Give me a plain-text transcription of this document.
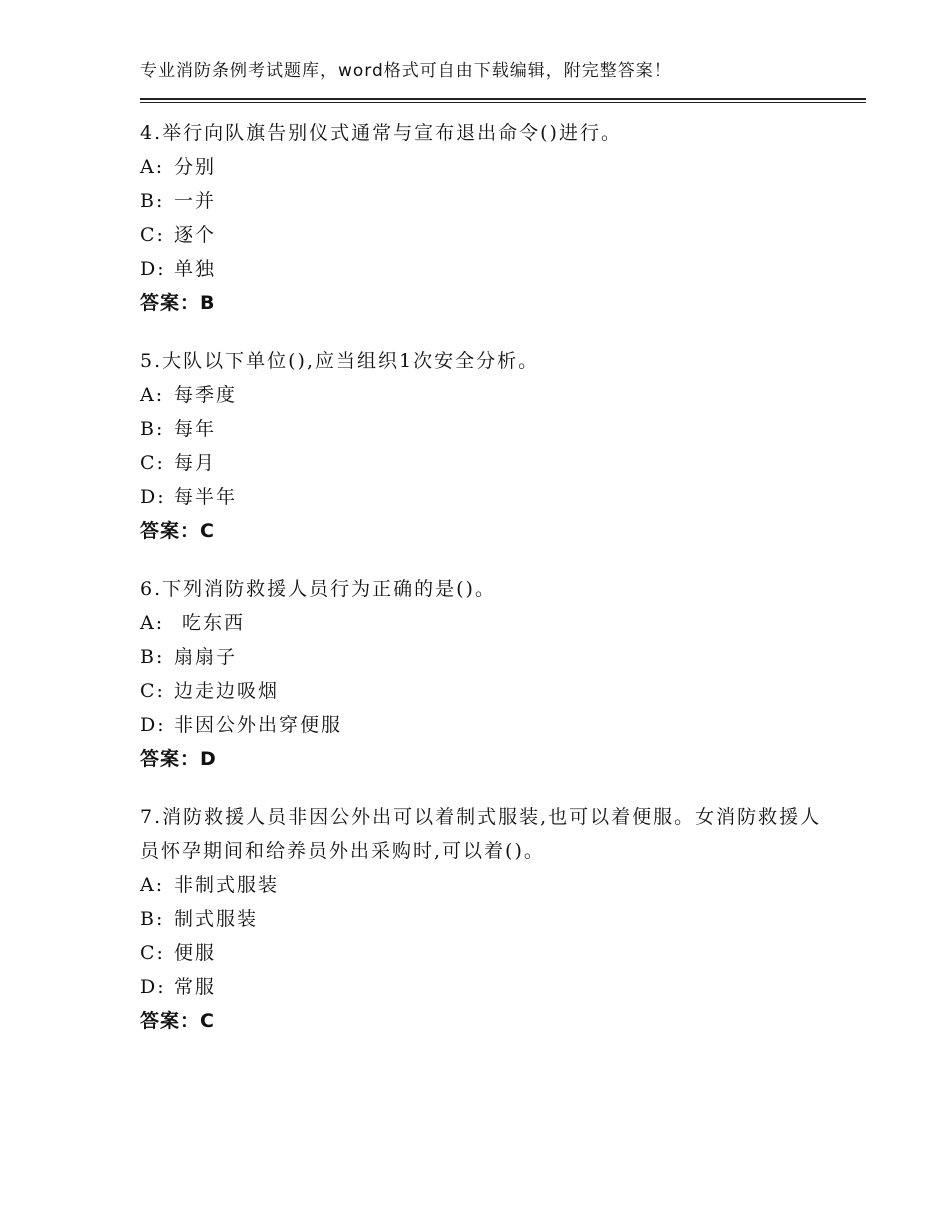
专业消防条例考试题库，word格式可自由下载编辑，附完整答案！
4.举行向队旗告别仪式通常与宣布退出命令()进行。
A: 分别
B: 一并
C: 逐个
D: 单独
答案：B
5.大队以下单位(),应当组织1次安全分析。
A: 每季度
B: 每年
C: 每月
D: 每半年
答案：C
6.下列消防救援人员行为正确的是()。
A: 吃东西
B: 扇扇子
C: 边走边吸烟
D: 非因公外出穿便服
答案：D
7.消防救援人员非因公外出可以着制式服装,也可以着便服。女消防救援人员怀孕期间和给养员外出采购时,可以着()。
A: 非制式服装
B: 制式服装
C: 便服
D: 常服
答案：C
